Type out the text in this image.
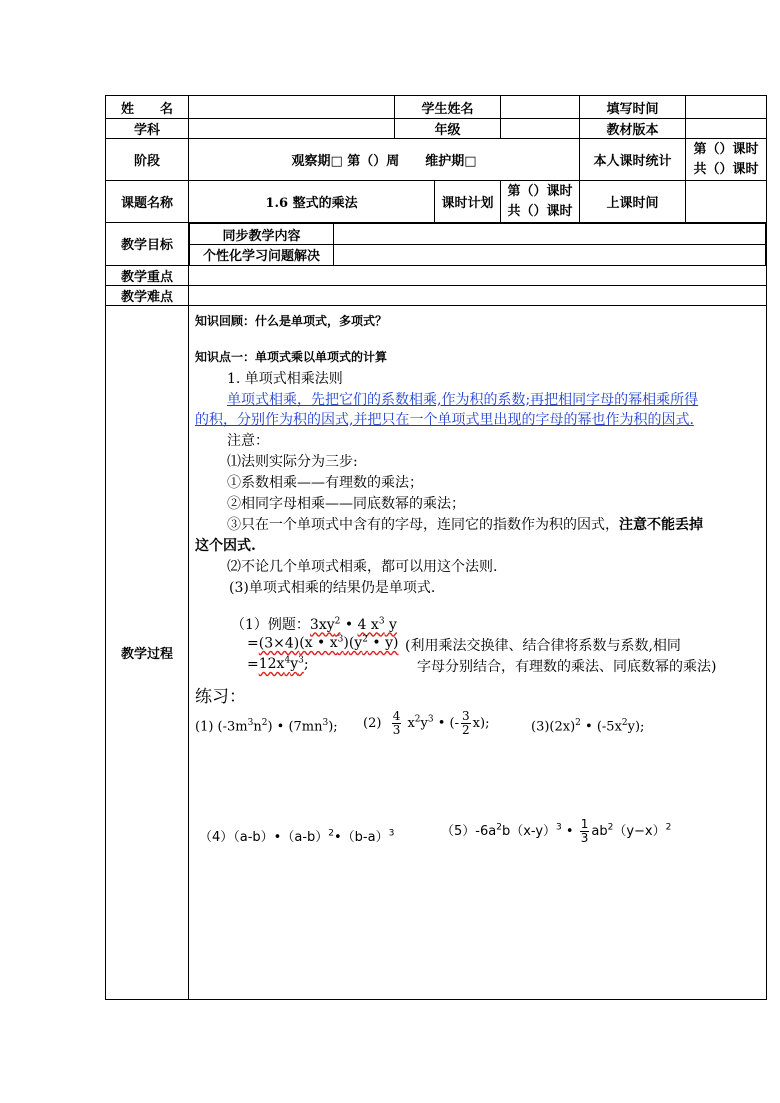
姓　　名		学生姓名		填写时间	
学科		年级		教材版本	
阶段	观察期□ 第（）周　　维护期□	本人课时统计	
第（）课时
共（）课时

课题名称	1.6 整式的乘法	课时计划	
第（）课时
共（）课时	上课时间	
教学目标	
同步教学内容	
个性化学习问题解决	

教学重点	
教学难点	
教学过程	
知识回顾：什么是单项式，多项式？
知识点一：单项式乘以单项式的计算
1. 单项式相乘法则
单项式相乘，先把它们的系数相乘,作为积的系数;再把相同字母的幂相乘所得
的积，分别作为积的因式,并把只在一个单项式里出现的字母的幂也作为积的因式.
注意：
⑴法则实际分为三步:
①系数相乘——有理数的乘法；
②相同字母相乘——同底数幂的乘法；
③只在一个单项式中含有的字母，连同它的指数作为积的因式，注意不能丢掉
这个因式.
⑵不论几个单项式相乘，都可以用这个法则.
(3)单项式相乘的结果仍是单项式.
（1）例题：$3xy^2$ • 4 $x^3$ y
=(3×4)(x • $x^3)(y^2$ • y)
$=12x^4y^3$;
(利用乘法交换律、结合律将系数与系数,相同
字母分别结合，有理数的乘法、同底数幂的乘法)
练习：
(1) $(-3m^3n^2)$ • $(7mn^3)$; $(2) \frac{4}{3} x^2y^3$ • (- $\frac{3}{2} x$);	$(3)(2x)^2$ • $(-5x^2y)$;
$(4)(a-b)•(a-b)^2•(b-a)^3$	$(5)-6a^2b(x-y)^3$ • $\frac{1}{3} ab^2(y-x)^2$
